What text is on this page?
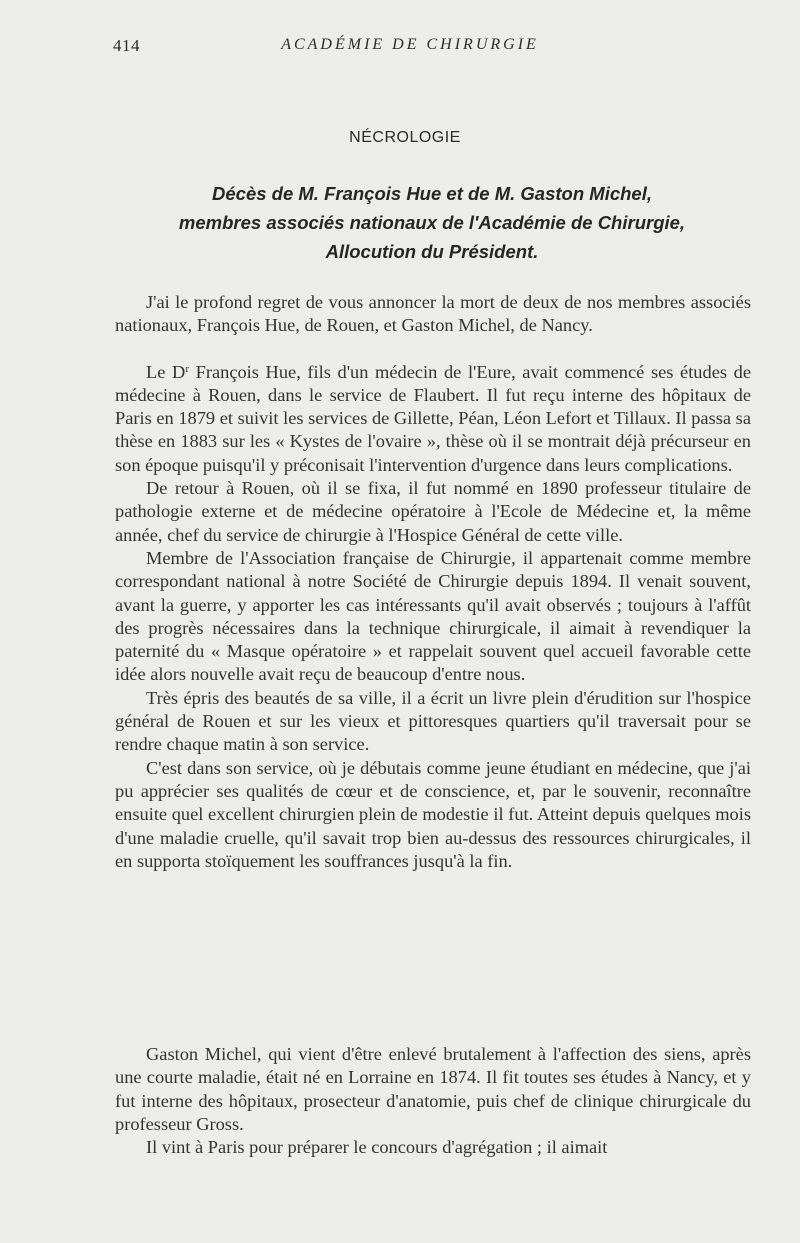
414	ACADÉMIE DE CHIRURGIE
NÉCROLOGIE
Décès de M. François Hue et de M. Gaston Michel,
membres associés nationaux de l'Académie de Chirurgie,
Allocution du Président.

J'ai le profond regret de vous annoncer la mort de deux de nos membres associés nationaux, François Hue, de Rouen, et Gaston Michel, de Nancy.

Le $D^r$ François Hue, fils d'un médecin de l'Eure, avait commencé ses études de médecine à Rouen, dans le service de Flaubert. Il fut reçu interne des hôpitaux de Paris en 1879 et suivit les services de Gillette, Péan, Léon Lefort et Tillaux. Il passa sa thèse en 1883 sur les « Kystes de l'ovaire », thèse où il se montrait déjà précurseur en son époque puisqu'il y préconisait l'intervention d'urgence dans leurs complications.

De retour à Rouen, où il se fixa, il fut nommé en 1890 professeur titulaire de pathologie externe et de médecine opératoire à l'Ecole de Médecine et, la même année, chef du service de chirurgie à l'Hospice Général de cette ville.

Membre de l'Association française de Chirurgie, il appartenait comme membre correspondant national à notre Société de Chirurgie depuis 1894. Il venait souvent, avant la guerre, y apporter les cas intéressants qu'il avait observés ; toujours à l'affût des progrès nécessaires dans la technique chirurgicale, il aimait à revendiquer la paternité du « Masque opératoire » et rappelait souvent quel accueil favorable cette idée alors nouvelle avait reçu de beaucoup d'entre nous.

Très épris des beautés de sa ville, il a écrit un livre plein d'érudition sur l'hospice général de Rouen et sur les vieux et pittoresques quartiers qu'il traversait pour se rendre chaque matin à son service.

C'est dans son service, où je débutais comme jeune étudiant en médecine, que j'ai pu apprécier ses qualités de cœur et de conscience, et, par le souvenir, reconnaître ensuite quel excellent chirurgien plein de modestie il fut. Atteint depuis quelques mois d'une maladie cruelle, qu'il savait trop bien au-dessus des ressources chirurgicales, il en supporta stoïquement les souffrances jusqu'à la fin.

Gaston Michel, qui vient d'être enlevé brutalement à l'affection des siens, après une courte maladie, était né en Lorraine en 1874. Il fit toutes ses études à Nancy, et y fut interne des hôpitaux, prosecteur d'anatomie, puis chef de clinique chirurgicale du professeur Gross.

Il vint à Paris pour préparer le concours d'agrégation ; il aimait
